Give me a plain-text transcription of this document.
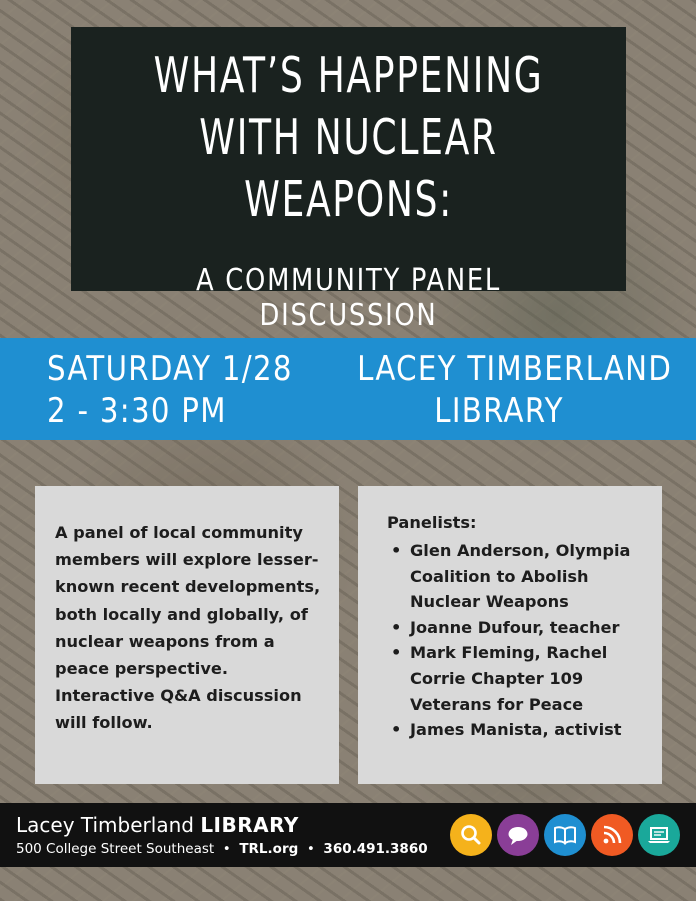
WHAT’S HAPPENING
WITH NUCLEAR
WEAPONS:
A COMMUNITY PANEL DISCUSSION
SATURDAY 1/28
2 - 3:30 PM
LACEY TIMBERLAND
LIBRARY
A panel of local community members will explore lesser-known recent developments, both locally and globally, of nuclear weapons from a peace perspective. Interactive Q&A discussion will follow.
Panelists:
• Glen Anderson, Olympia Coalition to Abolish Nuclear Weapons
• Joanne Dufour, teacher
• Mark Fleming, Rachel Corrie Chapter 109 Veterans for Peace
• James Manista, activist
Lacey Timberland LIBRARY
500 College Street Southeast • TRL.org • 360.491.3860
